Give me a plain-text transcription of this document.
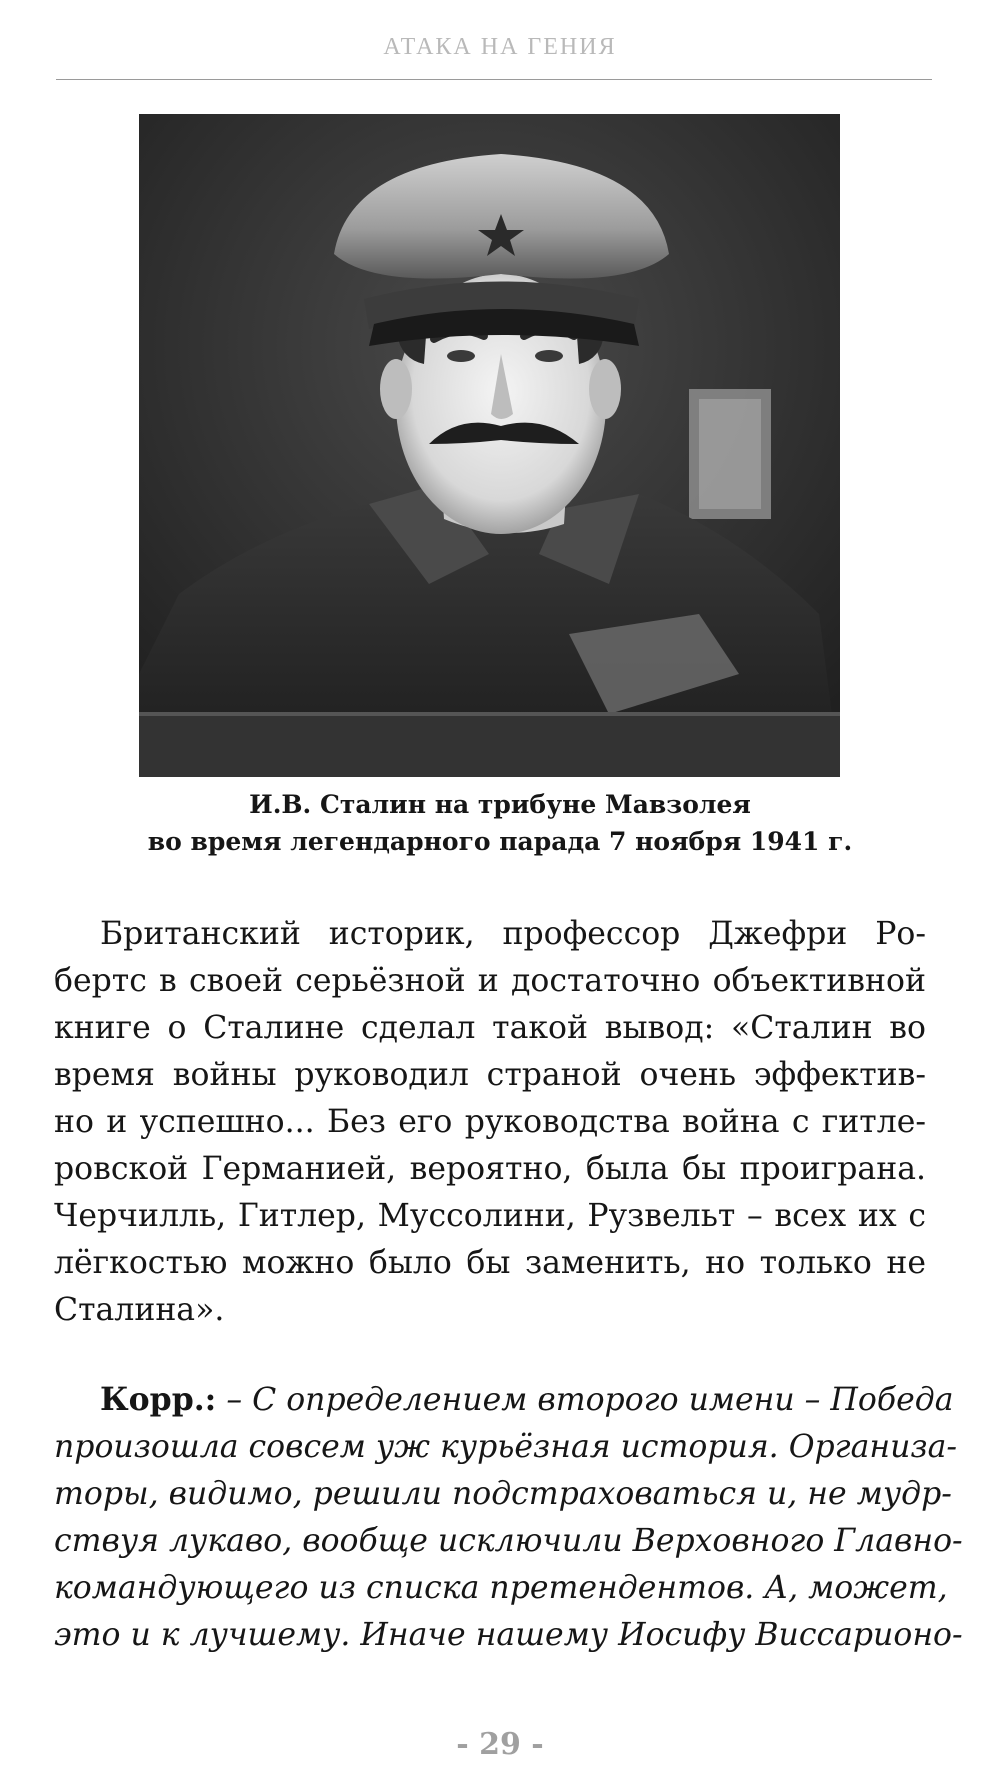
АТАКА НА ГЕНИЯ
И.В. Сталин на трибуне Мавзолея
во время легендарного парада 7 ноября 1941 г.
Британский историк, профессор Джефри Ро-
бертс в своей серьёзной и достаточно объективной
книге о Сталине сделал такой вывод: «Сталин во
время войны руководил страной очень эффектив-
но и успешно... Без его руководства война с гитле-
ровской Германией, вероятно, была бы проиграна.
Черчилль, Гитлер, Муссолини, Рузвельт – всех их с
лёгкостью можно было бы заменить, но только не
Сталина».
Корр.: – С определением второго имени – Победа
произошла совсем уж курьёзная история. Организа-
торы, видимо, решили подстраховаться и, не мудр-
ствуя лукаво, вообще исключили Верховного Главно-
командующего из списка претендентов. А, может,
это и к лучшему. Иначе нашему Иосифу Виссарионо-
- 29 -
